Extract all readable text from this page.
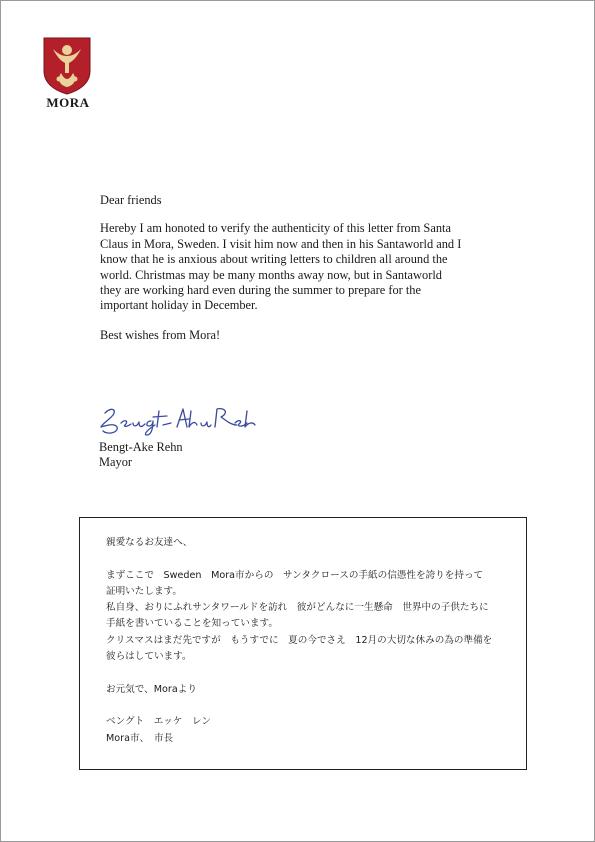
MORA

Dear friends

Hereby I am honoted to verify the authenticity of this letter from Santa

Claus in Mora, Sweden. I visit him now and then in his Santaworld and I

know that he is anxious about writing letters to children all around the

world. Christmas may be many months away now, but in Santaworld

they are working hard even during the summer to prepare for the

important holiday in December.

Best wishes from Mora!

Bengt-Ake Rehn
Mayor

親愛なるお友達へ、

まずここで　Sweden　Mora市からの　サンタクロースの手紙の信憑性を誇りを持って

証明いたします。

私自身、おりにふれサンタワールドを訪れ　彼がどんなに一生懸命　世界中の子供たちに

手紙を書いていることを知っています。

クリスマスはまだ先ですが　もうすでに　夏の今でさえ　12月の大切な休みの為の準備を

彼らはしています。

お元気で、Moraより

ベングト　エッケ　レン

Mora市、　市長
